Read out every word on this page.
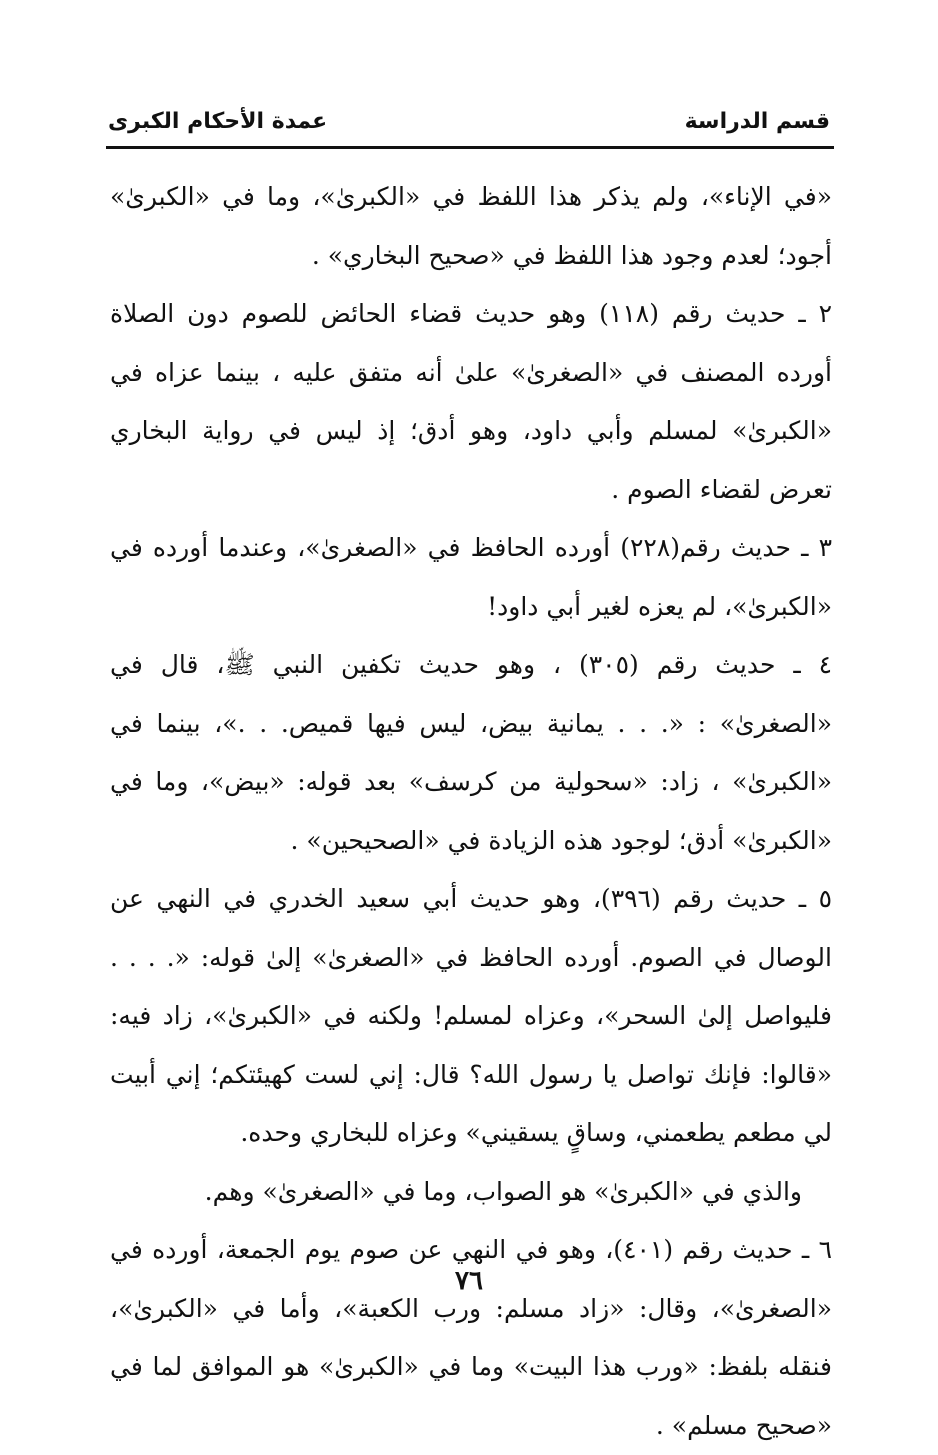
قسم الدراسة
عمدة الأحكام الكبرى

«في الإناء»، ولم يذكر هذا اللفظ في «الكبرىٰ»، وما في «الكبرىٰ» أجود؛ لعدم وجود هذا اللفظ في «صحيح البخاري» .

٢ ـ حديث رقم (١١٨) وهو حديث قضاء الحائض للصوم دون الصلاة أورده المصنف في «الصغرىٰ» علىٰ أنه متفق عليه ، بينما عزاه في «الكبرىٰ» لمسلم وأبي داود، وهو أدق؛ إذ ليس في رواية البخاري تعرض لقضاء الصوم .

٣ ـ حديث رقم(٢٢٨) أورده الحافظ في «الصغرىٰ»، وعندما أورده في «الكبرىٰ»، لم يعزه لغير أبي داود!

٤ ـ حديث رقم (٣٠٥) ، وهو حديث تكفين النبي ﷺ، قال في «الصغرىٰ» : «. . . يمانية بيض، ليس فيها قميص. . .»، بينما في «الكبرىٰ» ، زاد: «سحولية من كرسف» بعد قوله: «بيض»، وما في «الكبرىٰ» أدق؛ لوجود هذه الزيادة في «الصحيحين» .

٥ ـ حديث رقم (٣٩٦)، وهو حديث أبي سعيد الخدري في النهي عن الوصال في الصوم. أورده الحافظ في «الصغرىٰ» إلىٰ قوله: «. . . . فليواصل إلىٰ السحر»، وعزاه لمسلم! ولكنه في «الكبرىٰ»، زاد فيه: «قالوا: فإنك تواصل يا رسول الله؟ قال: إني لست كهيئتكم؛ إني أبيت لي مطعم يطعمني، وساقٍ يسقيني» وعزاه للبخاري وحده.

والذي في «الكبرىٰ» هو الصواب، وما في «الصغرىٰ» وهم.

٦ ـ حديث رقم (٤٠١)، وهو في النهي عن صوم يوم الجمعة، أورده في «الصغرىٰ»، وقال: «زاد مسلم: ورب الكعبة»، وأما في «الكبرىٰ»، فنقله بلفظ: «ورب هذا البيت» وما في «الكبرىٰ» هو الموافق لما في «صحيح مسلم» .

٧٦
